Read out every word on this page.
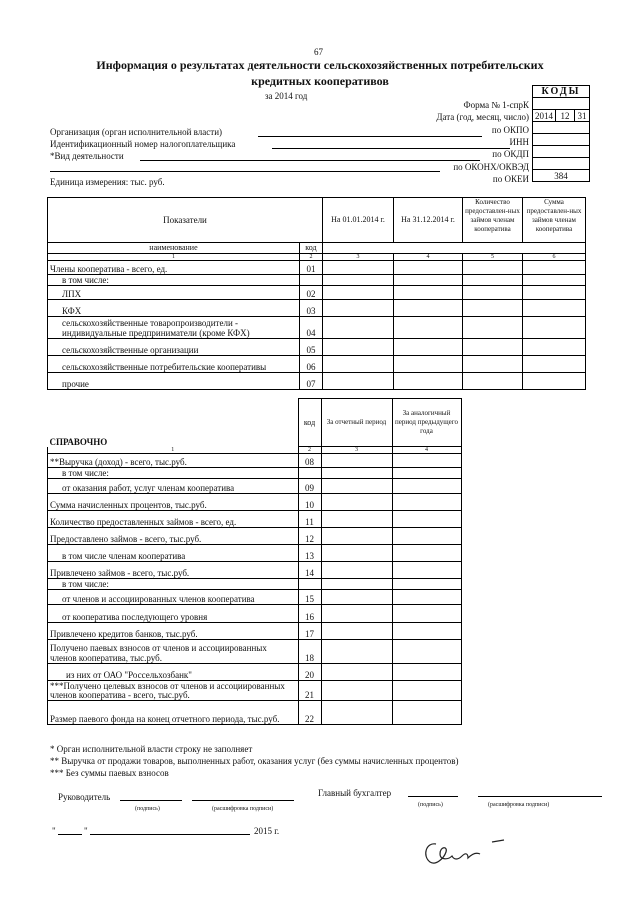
67
Информация о результатах деятельности сельскохозяйственных потребительских
кредитных кооперативов
за 2014 год	КОДЫ

2014	12	31

384
Форма № 1-спрК
Дата (год, месяц, число)
по ОКПО
ИНН
по ОКДП
по ОКОНХ/ОКВЭД
по ОКЕИ
Организация (орган исполнительной власти)
Идентификационный номер налогоплательщика
*Вид деятельности
Единица измерения: тыс. руб.
Показатели		На 01.01.2014 г.	На 31.12.2014 г.	Количество предоставлен-ных займов членам кооператива	Сумма предоставлен-ных займов членам кооператива
наименование	код				
1	2	3	4	5	6
Члены кооператива - всего, ед.	01				
в том числе:					
ЛПХ	02				
КФХ	03				
сельскохозяйственные товаропроизводители - индивидуальные предприниматели (кроме КФХ)	04				
сельскохозяйственные организации	05				
сельскохозяйственные потребительские кооперативы	06				
прочие	07				
СПРАВОЧНО	код	За отчетный период	За аналогичный период предыдущего года
1	2	3	4
**Выручка (доход) - всего, тыс.руб.	08		
в том числе:			
от оказания работ, услуг членам кооператива	09		
Сумма начисленных процентов, тыс.руб.	10		
Количество предоставленных займов - всего, ед.	11		
Предоставлено займов - всего, тыс.руб.	12		
в том числе членам кооператива	13		
Привлечено займов - всего, тыс.руб.	14		
в том числе:			
от членов и ассоциированных членов кооператива	15		
от кооператива последующего уровня	16		
Привлечено кредитов банков, тыс.руб.	17		
Получено паевых взносов от членов и ассоциированных членов кооператива, тыс.руб.	18		
из них от ОАО "Россельхозбанк"	20		
***Получено целевых взносов от членов и ассоциированных членов кооператива - всего, тыс.руб.	21		
Размер паевого фонда на конец отчетного периода, тыс.руб.	22		
* Орган исполнительной власти строку не заполняет
** Выручка от продажи товаров, выполненных работ, оказания услуг (без суммы начисленных процентов)
*** Без суммы паевых взносов
Руководитель
(подпись)	(расшифровка подписи)
Главный бухгалтер
(подпись)	(расшифровка подписи)
"	"	2015 г.
